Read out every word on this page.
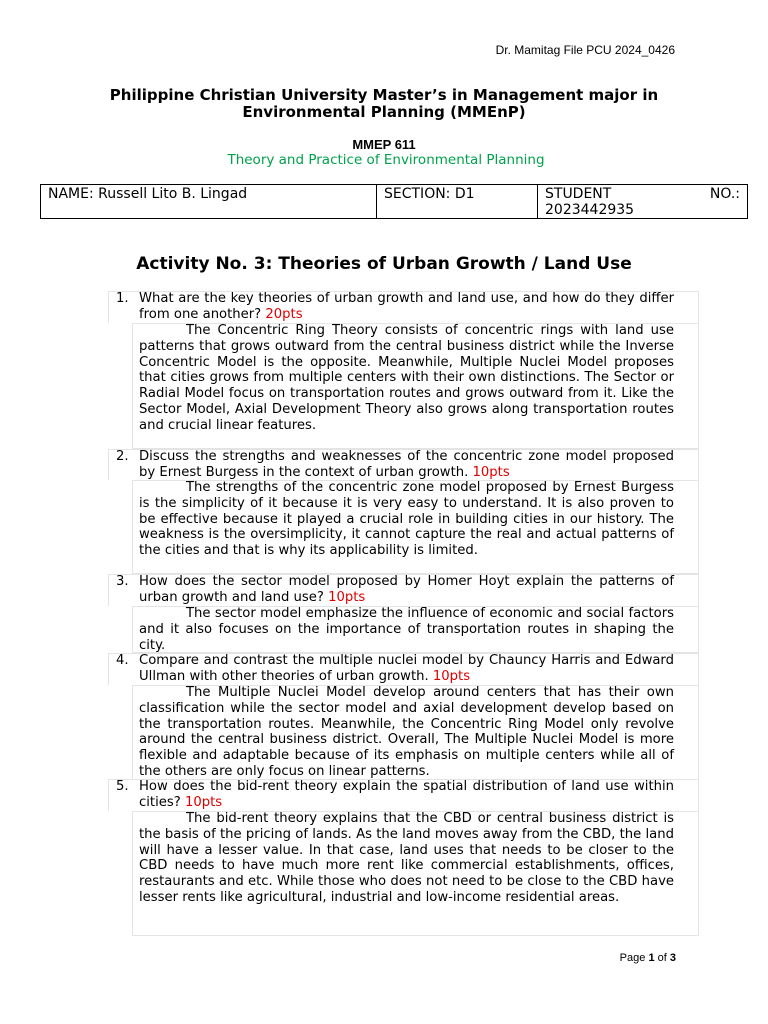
Dr. Mamitag File PCU 2024_0426
Philippine Christian University Master’s in Management major in Environmental Planning (MMEnP)
MMEP 611
Theory and Practice of Environmental Planning
NAME: Russell Lito B. Lingad	SECTION: D1	STUDENT	NO.:
2023442935
Activity No. 3: Theories of Urban Growth / Land Use
1. What are the key theories of urban growth and land use, and how do they differ from one another? 20pts
The Concentric Ring Theory consists of concentric rings with land use patterns that grows outward from the central business district while the Inverse Concentric Model is the opposite. Meanwhile, Multiple Nuclei Model proposes that cities grows from multiple centers with their own distinctions. The Sector or Radial Model focus on transportation routes and grows outward from it. Like the Sector Model, Axial Development Theory also grows along transportation routes and crucial linear features.
2. Discuss the strengths and weaknesses of the concentric zone model proposed by Ernest Burgess in the context of urban growth. 10pts
The strengths of the concentric zone model proposed by Ernest Burgess is the simplicity of it because it is very easy to understand. It is also proven to be effective because it played a crucial role in building cities in our history. The weakness is the oversimplicity, it cannot capture the real and actual patterns of the cities and that is why its applicability is limited.
3. How does the sector model proposed by Homer Hoyt explain the patterns of urban growth and land use? 10pts
The sector model emphasize the influence of economic and social factors and it also focuses on the importance of transportation routes in shaping the city.
4. Compare and contrast the multiple nuclei model by Chauncy Harris and Edward Ullman with other theories of urban growth. 10pts
The Multiple Nuclei Model develop around centers that has their own classification while the sector model and axial development develop based on the transportation routes. Meanwhile, the Concentric Ring Model only revolve around the central business district. Overall, The Multiple Nuclei Model is more flexible and adaptable because of its emphasis on multiple centers while all of the others are only focus on linear patterns.
5. How does the bid-rent theory explain the spatial distribution of land use within cities? 10pts
The bid-rent theory explains that the CBD or central business district is the basis of the pricing of lands. As the land moves away from the CBD, the land will have a lesser value. In that case, land uses that needs to be closer to the CBD needs to have much more rent like commercial establishments, offices, restaurants and etc. While those who does not need to be close to the CBD have lesser rents like agricultural, industrial and low-income residential areas.
Page 1 of 3
